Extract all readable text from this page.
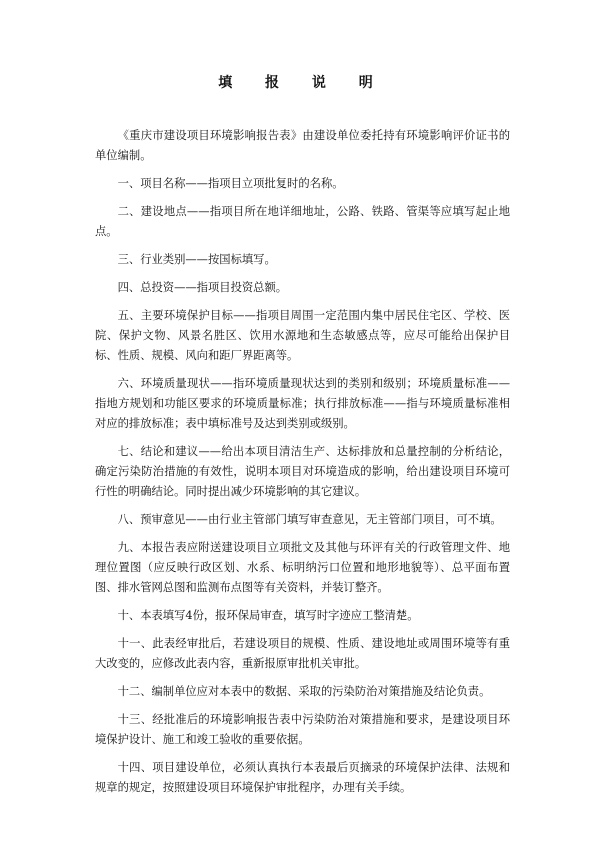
填 报 说 明

《重庆市建设项目环境影响报告表》由建设单位委托持有环境影响评价证书的单位编制。

一、项目名称——指项目立项批复时的名称。

二、建设地点——指项目所在地详细地址，公路、铁路、管渠等应填写起止地点。

三、行业类别——按国标填写。

四、总投资——指项目投资总额。

五、主要环境保护目标——指项目周围一定范围内集中居民住宅区、学校、医院、保护文物、风景名胜区、饮用水源地和生态敏感点等，应尽可能给出保护目标、性质、规模、风向和距厂界距离等。

六、环境质量现状——指环境质量现状达到的类别和级别；环境质量标准——指地方规划和功能区要求的环境质量标准；执行排放标准——指与环境质量标准相对应的排放标准；表中填标准号及达到类别或级别。

七、结论和建议——给出本项目清洁生产、达标排放和总量控制的分析结论，确定污染防治措施的有效性，说明本项目对环境造成的影响，给出建设项目环境可行性的明确结论。同时提出减少环境影响的其它建议。

八、预审意见——由行业主管部门填写审查意见，无主管部门项目，可不填。

九、本报告表应附送建设项目立项批文及其他与环评有关的行政管理文件、地理位置图（应反映行政区划、水系、标明纳污口位置和地形地貌等）、总平面布置图、排水管网总图和监测布点图等有关资料，并装订整齐。

十、本表填写4份，报环保局审查，填写时字迹应工整清楚。

十一、此表经审批后，若建设项目的规模、性质、建设地址或周围环境等有重大改变的，应修改此表内容，重新报原审批机关审批。

十二、编制单位应对本表中的数据、采取的污染防治对策措施及结论负责。

十三、经批准后的环境影响报告表中污染防治对策措施和要求，是建设项目环境保护设计、施工和竣工验收的重要依据。

十四、项目建设单位，必须认真执行本表最后页摘录的环境保护法律、法规和规章的规定，按照建设项目环境保护审批程序，办理有关手续。
